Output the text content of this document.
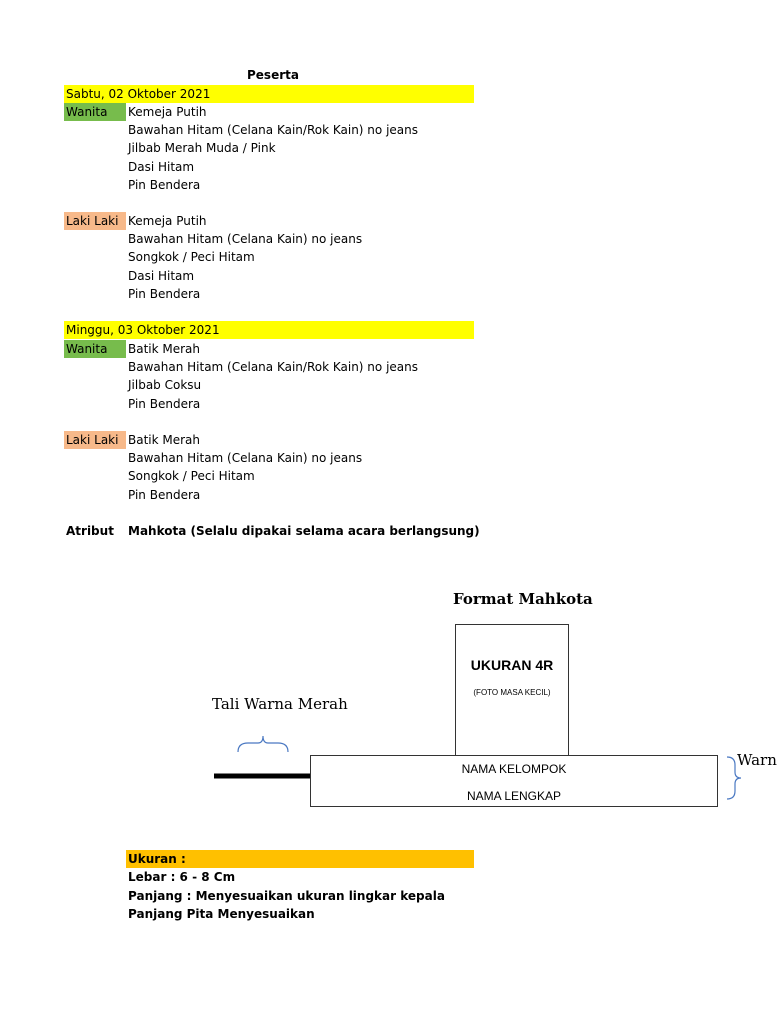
Peserta
Sabtu, 02 Oktober 2021
Wanita Kemeja Putih
Bawahan Hitam (Celana Kain/Rok Kain) no jeans
Jilbab Merah Muda / Pink
Dasi Hitam
Pin Bendera
Laki Laki Kemeja Putih
Bawahan Hitam (Celana Kain) no jeans
Songkok / Peci Hitam
Dasi Hitam
Pin Bendera
Minggu, 03 Oktober 2021
Wanita Batik Merah
Bawahan Hitam (Celana Kain/Rok Kain) no jeans
Jilbab Coksu
Pin Bendera
Laki Laki Batik Merah
Bawahan Hitam (Celana Kain) no jeans
Songkok / Peci Hitam
Pin Bendera
Atribut Mahkota (Selalu dipakai selama acara berlangsung)
Format Mahkota
Tali Warna Merah
UKURAN 4R
(FOTO MASA KECIL)
NAMA KELOMPOK
NAMA LENGKAP
Warn
Ukuran :
Lebar : 6 - 8 Cm
Panjang : Menyesuaikan ukuran lingkar kepala
Panjang Pita Menyesuaikan
